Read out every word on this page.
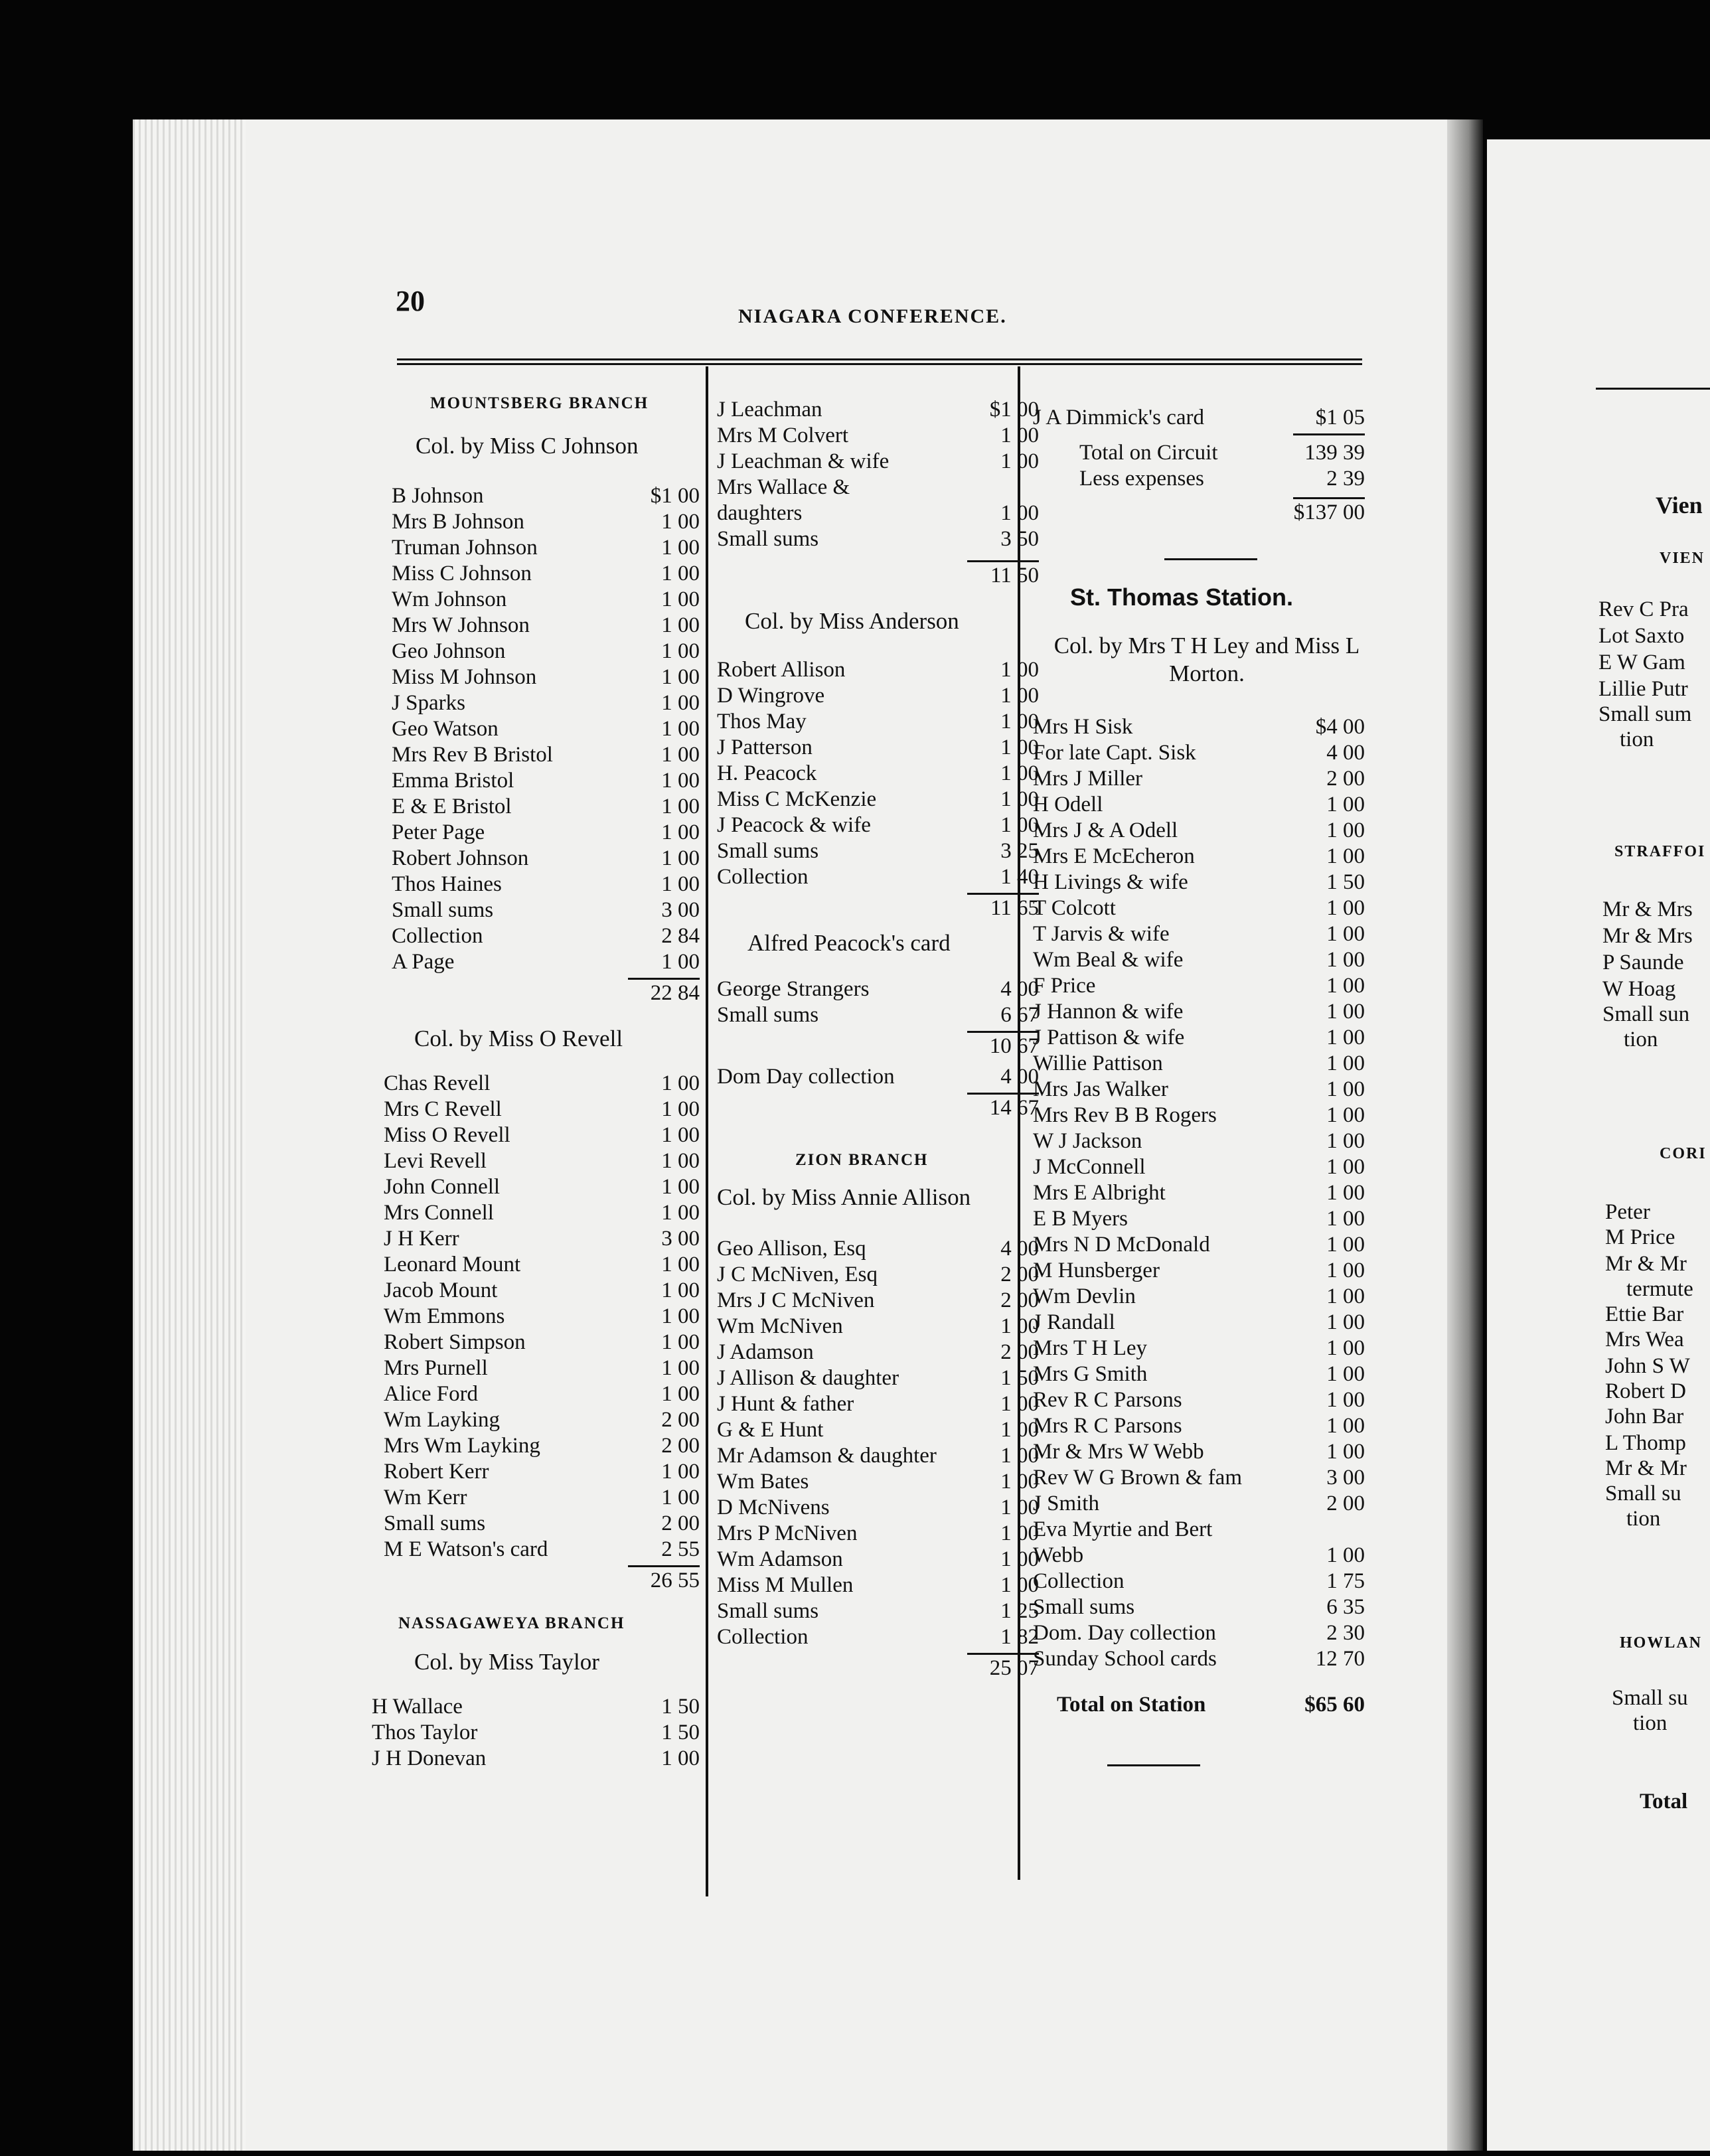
20	NIAGARA CONFERENCE.
MOUNTSBERG BRANCH
Col. by Miss C Johnson
B Johnson	$1 00
Mrs B Johnson	1 00
Truman Johnson	1 00
Miss C Johnson	1 00
Wm Johnson	1 00
Mrs W Johnson	1 00
Geo Johnson	1 00
Miss M Johnson	1 00
J Sparks	1 00
Geo Watson	1 00
Mrs Rev B Bristol	1 00
Emma Bristol	1 00
E & E Bristol	1 00
Peter Page	1 00
Robert Johnson	1 00
Thos Haines	1 00
Small sums	3 00
Collection	2 84
A Page	1 00
22 84
Col. by Miss O Revell
Chas Revell	1 00
Mrs C Revell	1 00
Miss O Revell	1 00
Levi Revell	1 00
John Connell	1 00
Mrs Connell	1 00
J H Kerr	3 00
Leonard Mount	1 00
Jacob Mount	1 00
Wm Emmons	1 00
Robert Simpson	1 00
Mrs Purnell	1 00
Alice Ford	1 00
Wm Layking	2 00
Mrs Wm Layking	2 00
Robert Kerr	1 00
Wm Kerr	1 00
Small sums	2 00
M E Watson's card	2 55
26 55
NASSAGAWEYA BRANCH
Col. by Miss Taylor
H Wallace	1 50
Thos Taylor	1 50
J H Donevan	1 00
J Leachman	$1 00
Mrs M Colvert	1 00
J Leachman & wife	1 00
Mrs Wallace & daughters	1 00
Small sums	3 50
11 50
Col. by Miss Anderson
Robert Allison	1 00
D Wingrove	1 00
Thos May	1 00
J Patterson	1 00
H. Peacock	1 00
Miss C McKenzie	1 00
J Peacock & wife	1 00
Small sums	3 25
Collection	1 40
11 65
Alfred Peacock's card
George Strangers	4 00
Small sums	6 67
10 67
Dom Day collection	4 00
14 67
ZION BRANCH
Col. by Miss Annie Allison
Geo Allison, Esq	4 00
J C McNiven, Esq	2 00
Mrs J C McNiven	2 00
Wm McNiven	1 00
J Adamson	2 00
J Allison & daughter	1 50
J Hunt & father	1 00
G & E Hunt	1 00
Mr Adamson & daughter	1 00
Wm Bates	1 00
D McNivens	1 00
Mrs P McNiven	1 00
Wm Adamson	1 00
Miss M Mullen	1 00
Small sums	1 25
Collection	1 82
25 07
J A Dimmick's card	$1 05
Total on Circuit	139 39
Less expenses	2 39
$137 00
St. Thomas Station.
Col. by Mrs T H Ley and Miss L Morton.
Mrs H Sisk	$4 00
For late Capt. Sisk	4 00
Mrs J Miller	2 00
H Odell	1 00
Mrs J & A Odell	1 00
Mrs E McEcheron	1 00
H Livings & wife	1 50
T Colcott	1 00
T Jarvis & wife	1 00
Wm Beal & wife	1 00
F Price	1 00
J Hannon & wife	1 00
J Pattison & wife	1 00
Willie Pattison	1 00
Mrs Jas Walker	1 00
Mrs Rev B B Rogers	1 00
W J Jackson	1 00
J McConnell	1 00
Mrs E Albright	1 00
E B Myers	1 00
Mrs N D McDonald	1 00
M Hunsberger	1 00
Wm Devlin	1 00
J Randall	1 00
Mrs T H Ley	1 00
Mrs G Smith	1 00
Rev R C Parsons	1 00
Mrs R C Parsons	1 00
Mr & Mrs W Webb	1 00
Rev W G Brown & fam	3 00
J Smith	2 00
Eva Myrtie and Bert Webb	1 00
Collection	1 75
Small sums	6 35
Dom. Day collection	2 30
Sunday School cards	12 70
Total on Station	$65 60
Vien
VIEN
Rev C Pra
Lot Saxto
E W Gam
Lillie Putr
Small sum
tion
STRAFFOI
Mr & Mrs
Mr & Mrs
P Saunde
W Hoag
Small sun
tion
CORI
Peter
M Price
Mr & Mr
termute
Ettie Bar
Mrs Wea
John S W
Robert D
John Bar
L Thomp
Mr & Mr
Small su
tion
HOWLAN
Small su
tion
Total
